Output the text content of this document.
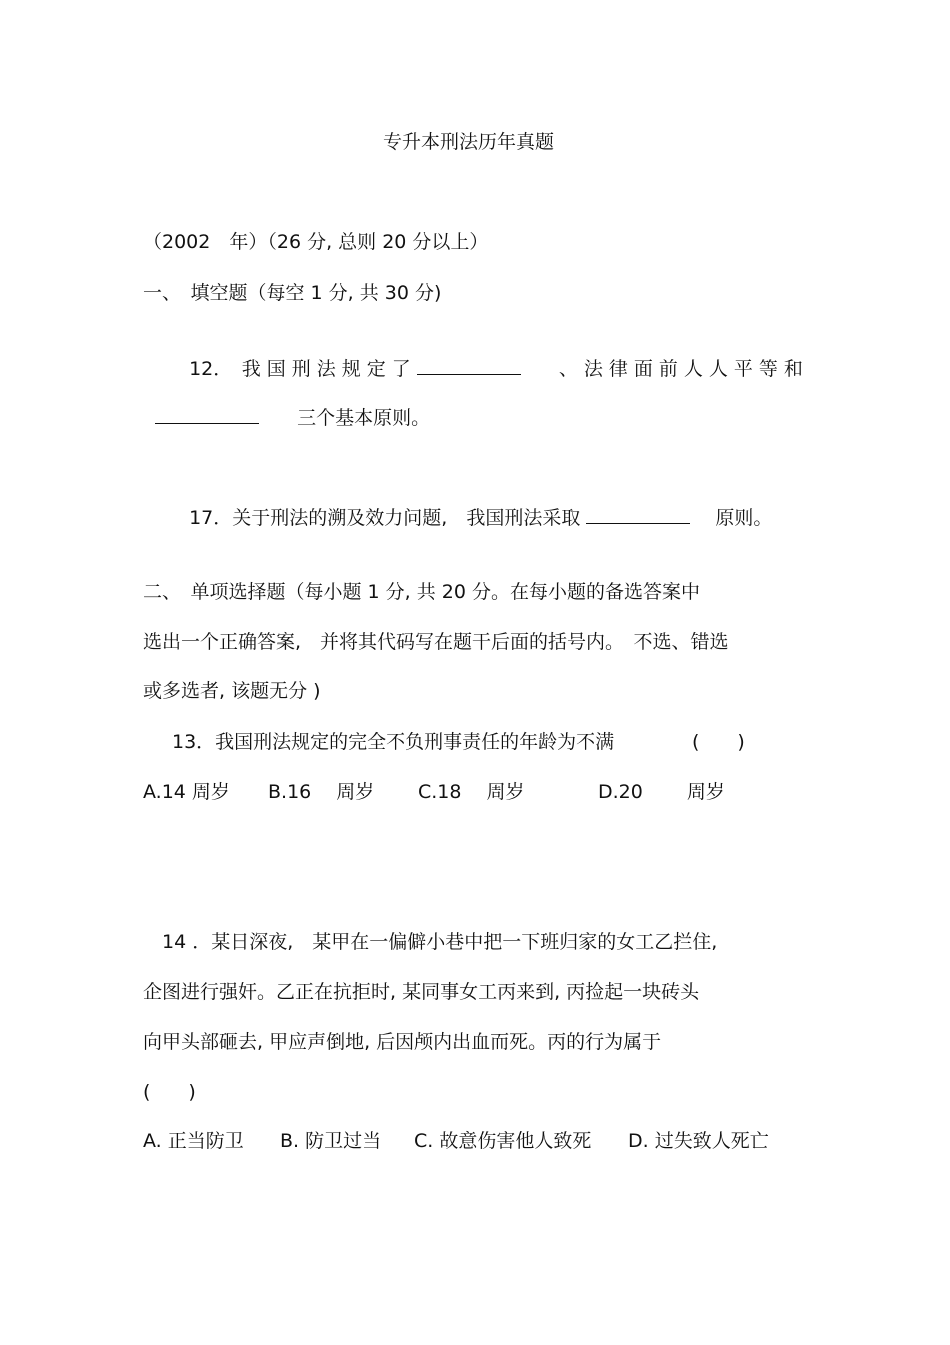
专升本刑法历年真题
（2002　年）（26 分, 总则 20 分以上）
一、　填空题（每空 1 分, 共 30 分)

12．　 我国刑法规定了　　	、法律面前人人平等和

　　三个基本原则。

17．关于刑法的溯及效力问题,　我国刑法采取 　	原则。

二、　单项选择题（每小题 1 分, 共 20 分。在每小题的备选答案中
选出一个正确答案,　并将其代码写在题干后面的括号内。　不选、错选
或多选者, 该题无分 )
13．我国刑法规定的完全不负刑事责任的年龄为不满	(　　)
A.14 周岁 B.16　 周岁 C.18　 周岁	D.20　　 周岁
14 ．某日深夜,　某甲在一偏僻小巷中把一下班归家的女工乙拦住,
企图进行强奸。乙正在抗拒时, 某同事女工丙来到, 丙捡起一块砖头
向甲头部砸去, 甲应声倒地, 后因颅内出血而死。丙的行为属于
(　　)
A. 正当防卫 B. 防卫过当 C. 故意伤害他人致死 D. 过失致人死亡
